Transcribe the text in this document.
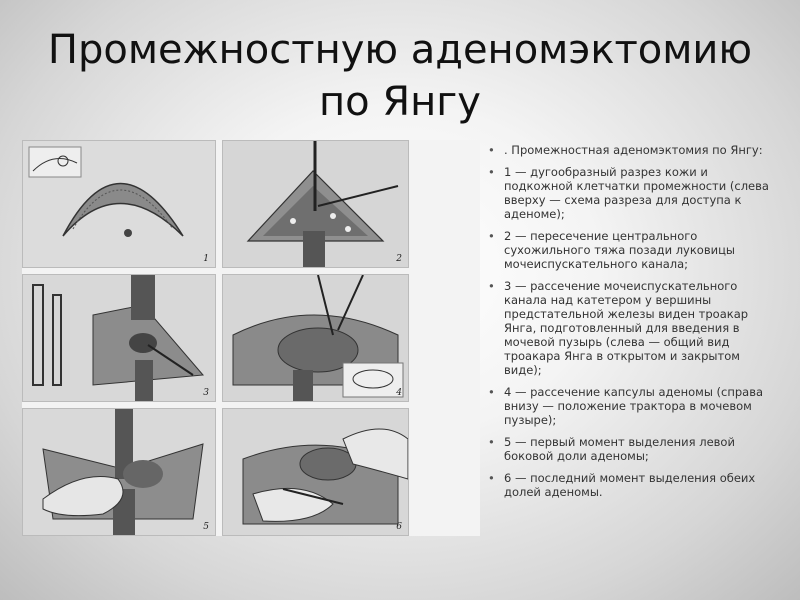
Промежностную аденомэктомию
по Янгу
1	2
3	4
5	6
• . Промежностная аденомэктомия по Янгу:
• 1 — дугообразный разрез кожи и подкожной клетчатки промежности (слева вверху — схема разреза для доступа к аденоме);
• 2 — пересечение центрального сухожильного тяжа позади луковицы мочеиспускательного канала;
• 3 — рассечение мочеиспускательного канала над катетером у вершины предстательной железы виден троакар Янга, подготовленный для введения в мочевой пузырь (слева — общий вид троакара Янга в открытом и закрытом виде);
• 4 — рассечение капсулы аденомы (справа внизу — положение трактора в мочевом пузыре);
• 5 — первый момент выделения левой боковой доли аденомы;
• 6 — последний момент выделения обеих долей аденомы.
